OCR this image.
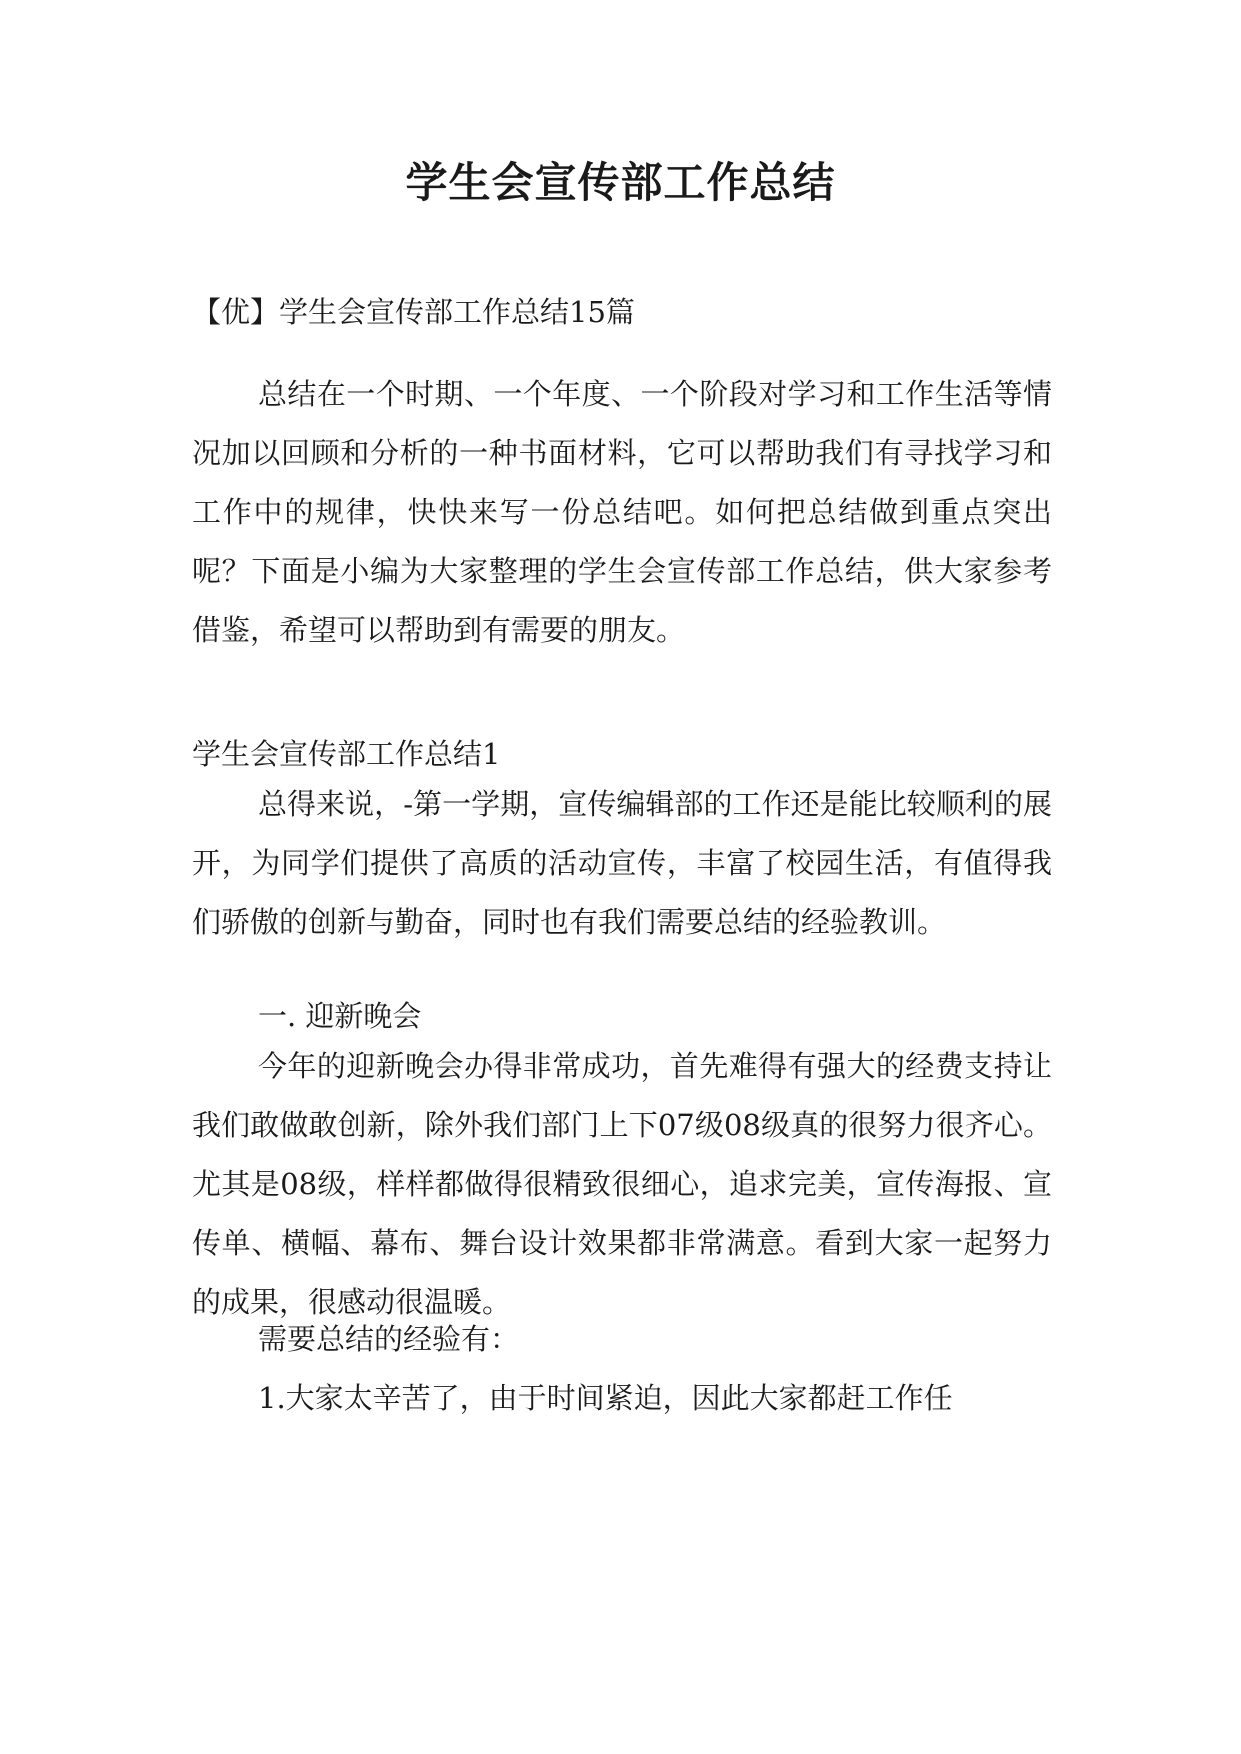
学生会宣传部工作总结
【优】学生会宣传部工作总结15篇
总结在一个时期、一个年度、一个阶段对学习和工作生活等情况加以回顾和分析的一种书面材料，它可以帮助我们有寻找学习和工作中的规律，快快来写一份总结吧。如何把总结做到重点突出呢？下面是小编为大家整理的学生会宣传部工作总结，供大家参考借鉴，希望可以帮助到有需要的朋友。
学生会宣传部工作总结1
总得来说，-第一学期，宣传编辑部的工作还是能比较顺利的展开，为同学们提供了高质的活动宣传，丰富了校园生活，有值得我们骄傲的创新与勤奋，同时也有我们需要总结的经验教训。
一. 迎新晚会
今年的迎新晚会办得非常成功，首先难得有强大的经费支持让我们敢做敢创新，除外我们部门上下07级08级真的很努力很齐心。尤其是08级，样样都做得很精致很细心，追求完美，宣传海报、宣传单、横幅、幕布、舞台设计效果都非常满意。看到大家一起努力的成果，很感动很温暖。
需要总结的经验有：
1.大家太辛苦了，由于时间紧迫，因此大家都赶工作任
